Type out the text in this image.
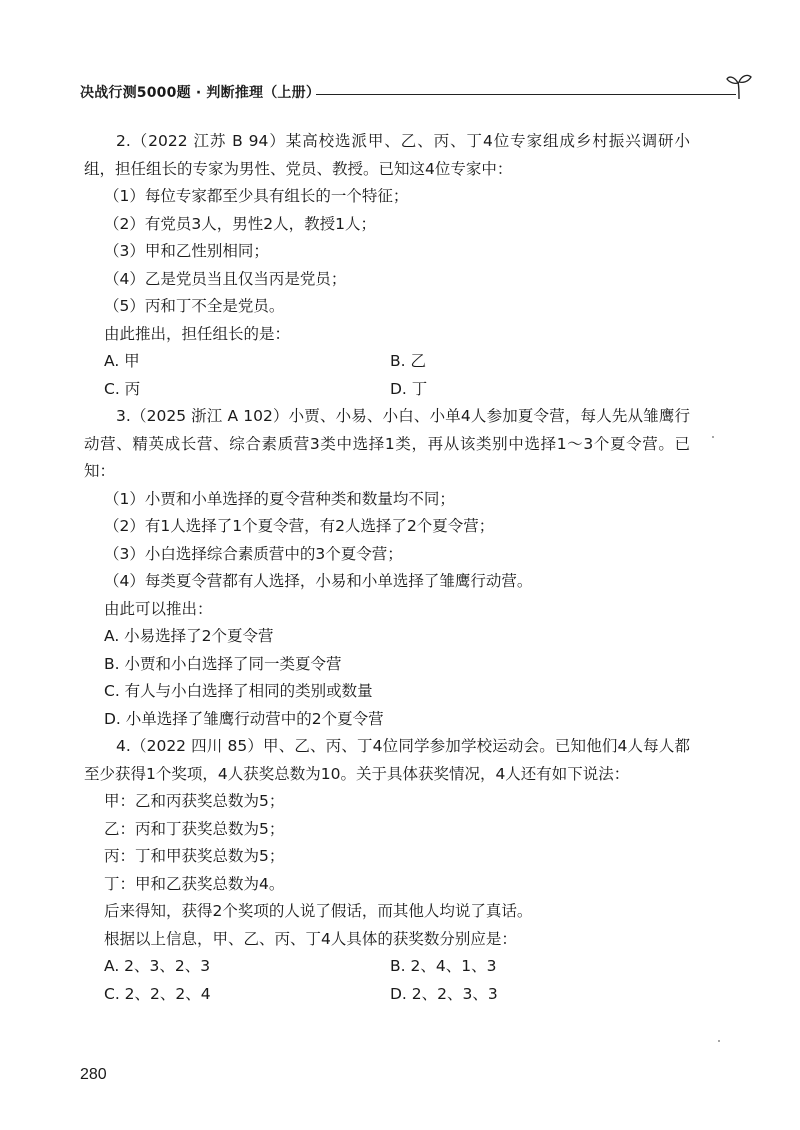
决战行测5000题 · 判断推理（上册）

2.（2022 江苏 B 94）某高校选派甲、乙、丙、丁4位专家组成乡村振兴调研小组，担任组长的专家为男性、党员、教授。已知这4位专家中：

（1）每位专家都至少具有组长的一个特征；

（2）有党员3人，男性2人，教授1人；

（3）甲和乙性别相同；

（4）乙是党员当且仅当丙是党员；

（5）丙和丁不全是党员。

由此推出，担任组长的是：

A. 甲	B. 乙
C. 丙	D. 丁

3.（2025 浙江 A 102）小贾、小易、小白、小单4人参加夏令营，每人先从雏鹰行动营、精英成长营、综合素质营3类中选择1类，再从该类别中选择1～3个夏令营。已知：

（1）小贾和小单选择的夏令营种类和数量均不同；

（2）有1人选择了1个夏令营，有2人选择了2个夏令营；

（3）小白选择综合素质营中的3个夏令营；

（4）每类夏令营都有人选择，小易和小单选择了雏鹰行动营。

由此可以推出：

A. 小易选择了2个夏令营

B. 小贾和小白选择了同一类夏令营

C. 有人与小白选择了相同的类别或数量

D. 小单选择了雏鹰行动营中的2个夏令营

4.（2022 四川 85）甲、乙、丙、丁4位同学参加学校运动会。已知他们4人每人都至少获得1个奖项，4人获奖总数为10。关于具体获奖情况，4人还有如下说法：

甲：乙和丙获奖总数为5；

乙：丙和丁获奖总数为5；

丙：丁和甲获奖总数为5；

丁：甲和乙获奖总数为4。

后来得知，获得2个奖项的人说了假话，而其他人均说了真话。

根据以上信息，甲、乙、丙、丁4人具体的获奖数分别应是：

A. 2、3、2、3	B. 2、4、1、3
C. 2、2、2、4	D. 2、2、3、3
280
